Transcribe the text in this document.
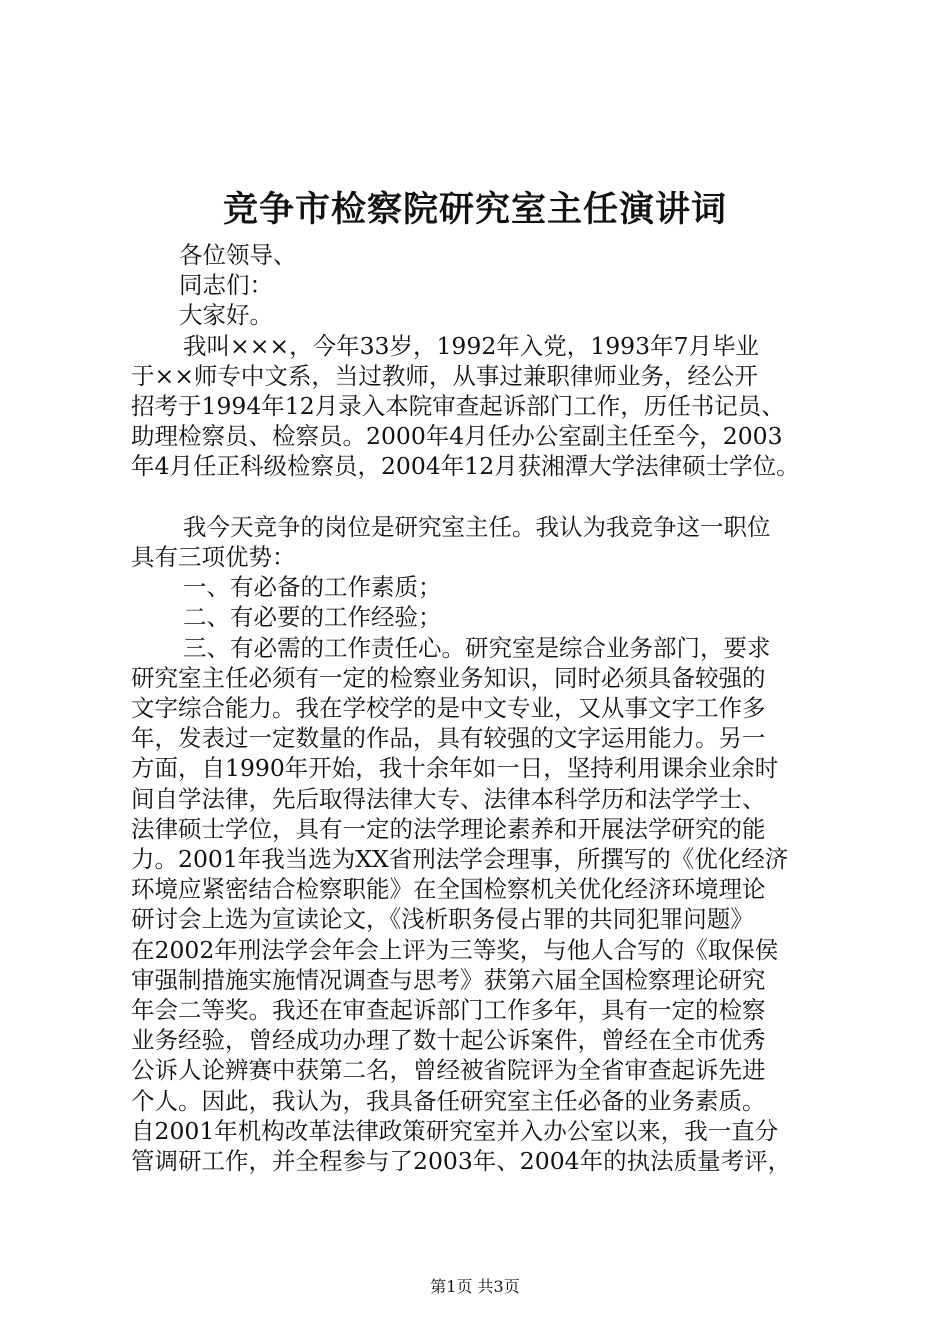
竞争市检察院研究室主任演讲词
各位领导、
同志们：
大家好。
我叫×××，今年33岁，1992年入党，1993年7月毕业
于××师专中文系，当过教师，从事过兼职律师业务，经公开
招考于1994年12月录入本院审查起诉部门工作，历任书记员、
助理检察员、检察员。2000年4月任办公室副主任至今，2003
年4月任正科级检察员，2004年12月获湘潭大学法律硕士学位。
我今天竞争的岗位是研究室主任。我认为我竞争这一职位
具有三项优势：
一、有必备的工作素质；
二、有必要的工作经验；
三、有必需的工作责任心。研究室是综合业务部门，要求
研究室主任必须有一定的检察业务知识，同时必须具备较强的
文字综合能力。我在学校学的是中文专业，又从事文字工作多
年，发表过一定数量的作品，具有较强的文字运用能力。另一
方面，自1990年开始，我十余年如一日，坚持利用课余业余时
间自学法律，先后取得法律大专、法律本科学历和法学学士、
法律硕士学位，具有一定的法学理论素养和开展法学研究的能
力。2001年我当选为XX省刑法学会理事，所撰写的《优化经济
环境应紧密结合检察职能》在全国检察机关优化经济环境理论
研讨会上选为宣读论文，《浅析职务侵占罪的共同犯罪问题》
在2002年刑法学会年会上评为三等奖，与他人合写的《取保侯
审强制措施实施情况调查与思考》获第六届全国检察理论研究
年会二等奖。我还在审查起诉部门工作多年，具有一定的检察
业务经验，曾经成功办理了数十起公诉案件，曾经在全市优秀
公诉人论辨赛中获第二名，曾经被省院评为全省审查起诉先进
个人。因此，我认为，我具备任研究室主任必备的业务素质。
自2001年机构改革法律政策研究室并入办公室以来，我一直分
管调研工作，并全程参与了2003年、2004年的执法质量考评，
第1页 共3页
